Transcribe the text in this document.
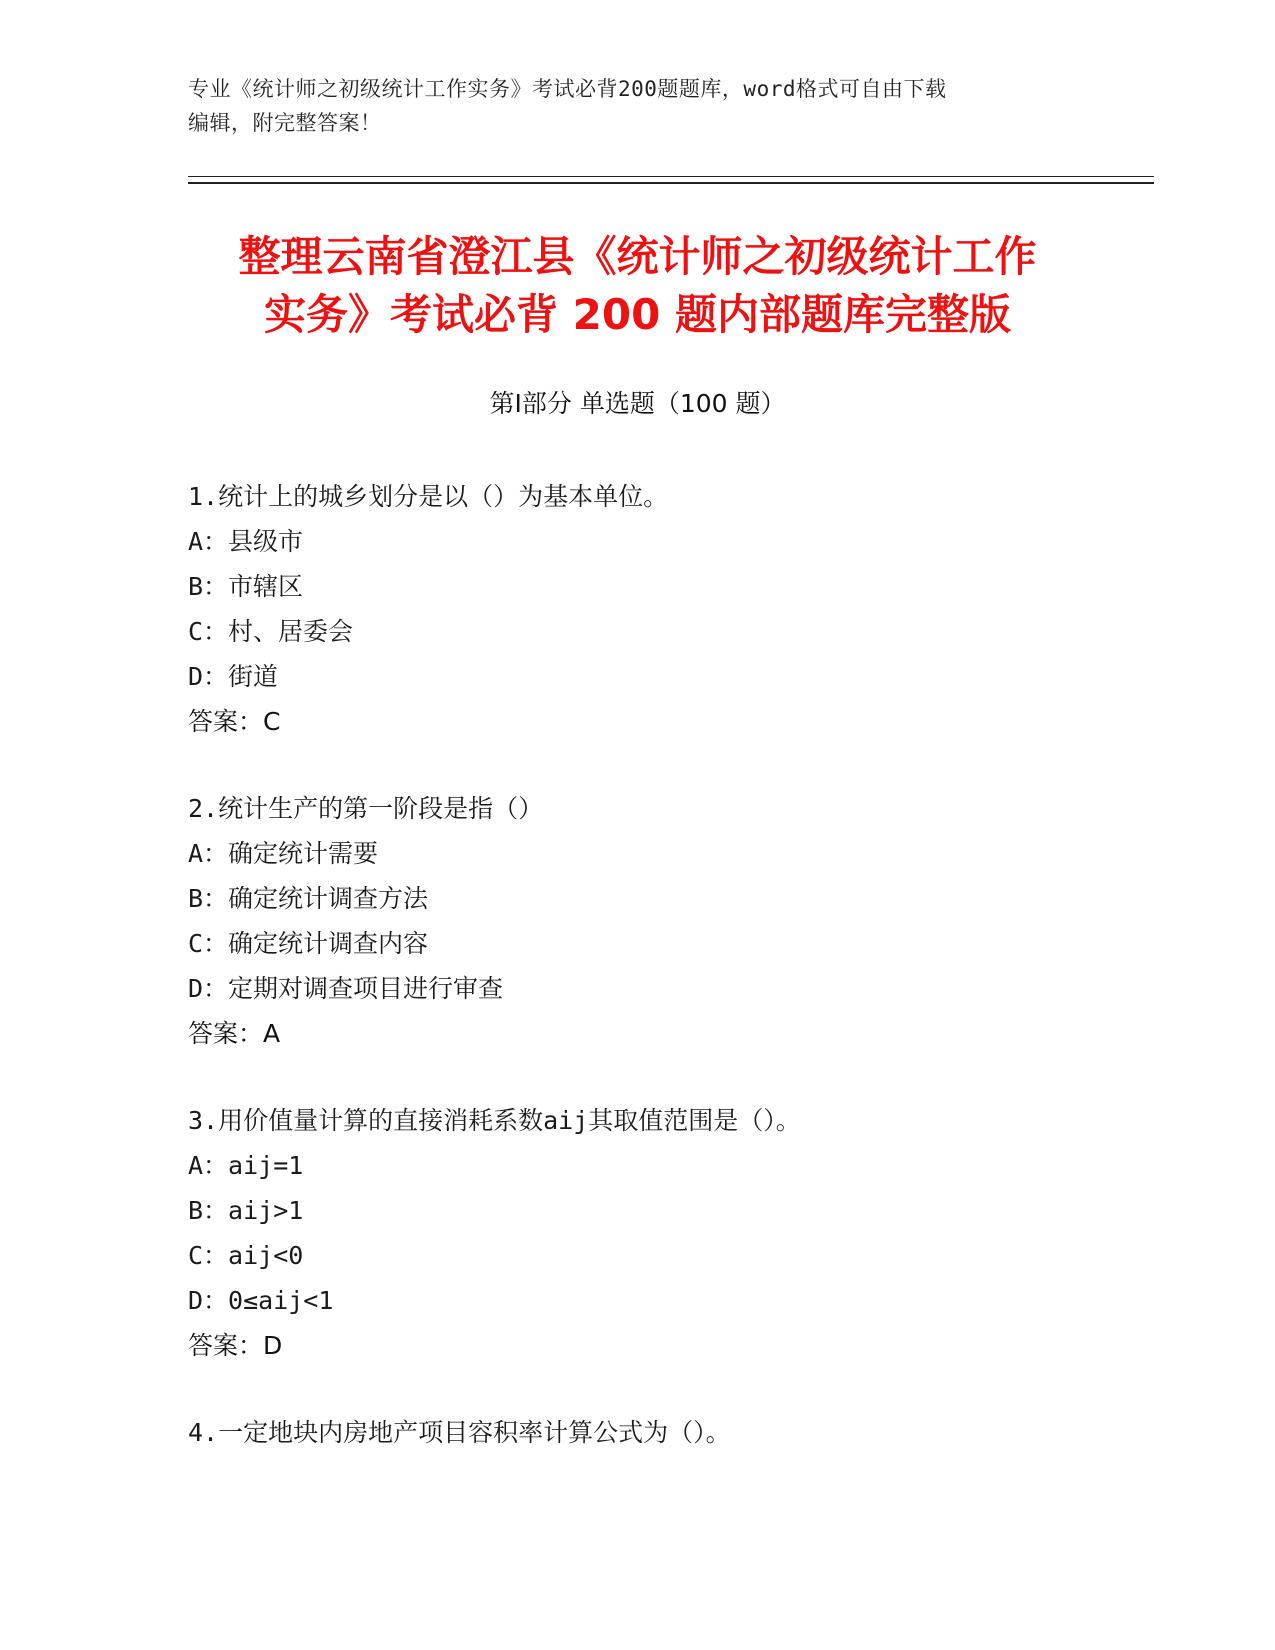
专业《统计师之初级统计工作实务》考试必背200题题库，word格式可自由下载
编辑，附完整答案！
整理云南省澄江县《统计师之初级统计工作
实务》考试必背 200 题内部题库完整版
第Ⅰ部分 单选题（100 题）
1.统计上的城乡划分是以（）为基本单位。
A：县级市
B：市辖区
C：村、居委会
D：街道
答案：C
2.统计生产的第一阶段是指（）
A：确定统计需要
B：确定统计调查方法
C：确定统计调查内容
D：定期对调查项目进行审查
答案：A
3.用价值量计算的直接消耗系数aij其取值范围是（）。
A：aij=1
B：aij>1
C：aij<0
D：0≤aij<1
答案：D
4.一定地块内房地产项目容积率计算公式为（）。
